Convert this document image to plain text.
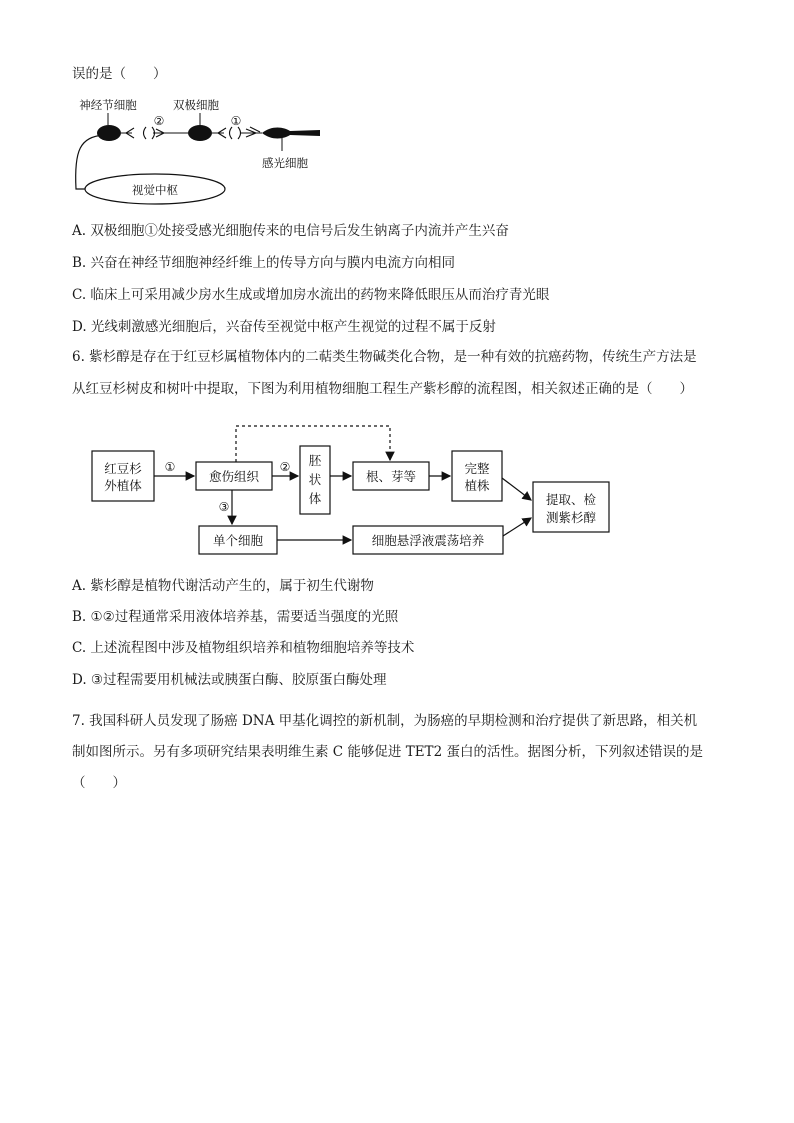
误的是（　　）
视觉中枢
神经节细胞
②
双极细胞
①
感光细胞
A. 双极细胞①处接受感光细胞传来的电信号后发生钠离子内流并产生兴奋
B. 兴奋在神经节细胞神经纤维上的传导方向与膜内电流方向相同
C. 临床上可采用减少房水生成或增加房水流出的药物来降低眼压从而治疗青光眼
D. 光线刺激感光细胞后，兴奋传至视觉中枢产生视觉的过程不属于反射
6. 紫杉醇是存在于红豆杉属植物体内的二萜类生物碱类化合物，是一种有效的抗癌药物，传统生产方法是
从红豆杉树皮和树叶中提取，下图为利用植物细胞工程生产紫杉醇的流程图，相关叙述正确的是（　　）
红豆杉
外植体
愈伤组织
胚
状
体
根、芽等
完整
植株
提取、检
测紫杉醇
单个细胞	细胞悬浮液震荡培养
①	②
③
A. 紫杉醇是植物代谢活动产生的，属于初生代谢物
B. ①②过程通常采用液体培养基，需要适当强度的光照
C. 上述流程图中涉及植物组织培养和植物细胞培养等技术
D. ③过程需要用机械法或胰蛋白酶、胶原蛋白酶处理
7. 我国科研人员发现了肠癌 DNA 甲基化调控的新机制，为肠癌的早期检测和治疗提供了新思路，相关机
制如图所示。另有多项研究结果表明维生素 C 能够促进 TET2 蛋白的活性。据图分析，下列叙述错误的是
（　　）
